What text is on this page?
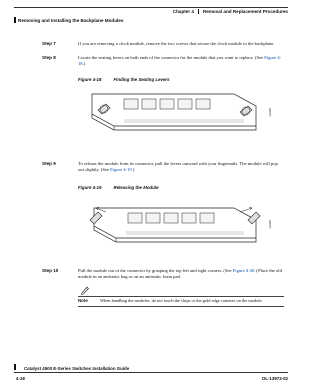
Chapter 4 Removal and Replacement Procedures
Removing and Installing the Backplane Modules
Step 7	If you are removing a clock module, remove the two screws that secure the clock module to the backplane.
Step 8	Locate the seating levers on both ends of the connector for the module that you want to replace. (See Figure 4-18.)
Figure 4-18	Finding the Seating Levers
12345
Step 9	To release the module from its connector, pull the levers outward with your fingernails. The module will pop out slightly. (See Figure 4-19.)
Figure 4-19	Releasing the Module
12346
Step 10	Pull the module out of the connector by grasping the top left and right corners. (See Figure 4-20.) Place the old module in an antistatic bag or on an antistatic foam pad.
Note	When handling the modules, do not touch the chips or the gold edge contacts on the module.
Catalyst 4500 E-Series Switches Installation Guide
4-18	OL-13972-02
